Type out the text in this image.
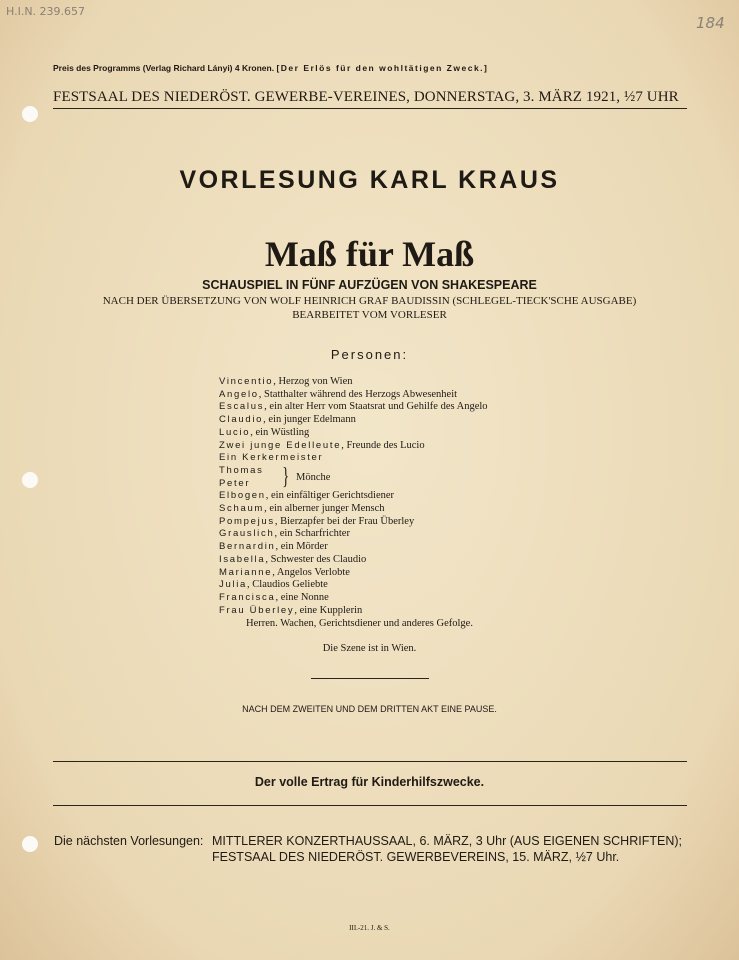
H.I.N. 239.657
184
Preis des Programms (Verlag Richard Lányi) 4 Kronen. [Der Erlös für den wohltätigen Zweck.]
FESTSAAL DES NIEDERÖST. GEWERBE-VEREINES, DONNERSTAG, 3. MÄRZ 1921, ½7 UHR
VORLESUNG KARL KRAUS
Maß für Maß
SCHAUSPIEL IN FÜNF AUFZÜGEN VON SHAKESPEARE
NACH DER ÜBERSETZUNG VON WOLF HEINRICH GRAF BAUDISSIN (SCHLEGEL-TIECK'SCHE AUSGABE)
BEARBEITET VOM VORLESER
Personen:
Vincentio, Herzog von Wien
Angelo, Statthalter während des Herzogs Abwesenheit
Escalus, ein alter Herr vom Staatsrat und Gehilfe des Angelo
Claudio, ein junger Edelmann
Lucio, ein Wüstling
Zwei junge Edelleute, Freunde des Lucio
Ein Kerkermeister
Thomas
Peter
Elbogen, ein einfältiger Gerichtsdiener
Schaum, ein alberner junger Mensch
Pompejus, Bierzapfer bei der Frau Überley
Grauslich, ein Scharfrichter
Bernardin, ein Mörder
Isabella, Schwester des Claudio
Marianne, Angelos Verlobte
Julia, Claudios Geliebte
Francisca, eine Nonne
Frau Überley, eine Kupplerin
} Mönche
Herren. Wachen, Gerichtsdiener und anderes Gefolge.
Die Szene ist in Wien.
NACH DEM ZWEITEN UND DEM DRITTEN AKT EINE PAUSE.
Der volle Ertrag für Kinderhilfszwecke.
Die nächsten Vorlesungen: MITTLERER KONZERTHAUSSAAL, 6. MÄRZ, 3 Uhr (AUS EIGENEN SCHRIFTEN);
FESTSAAL DES NIEDERÖST. GEWERBEVEREINS, 15. MÄRZ, ½7 Uhr.
III.-21. J. & S.
